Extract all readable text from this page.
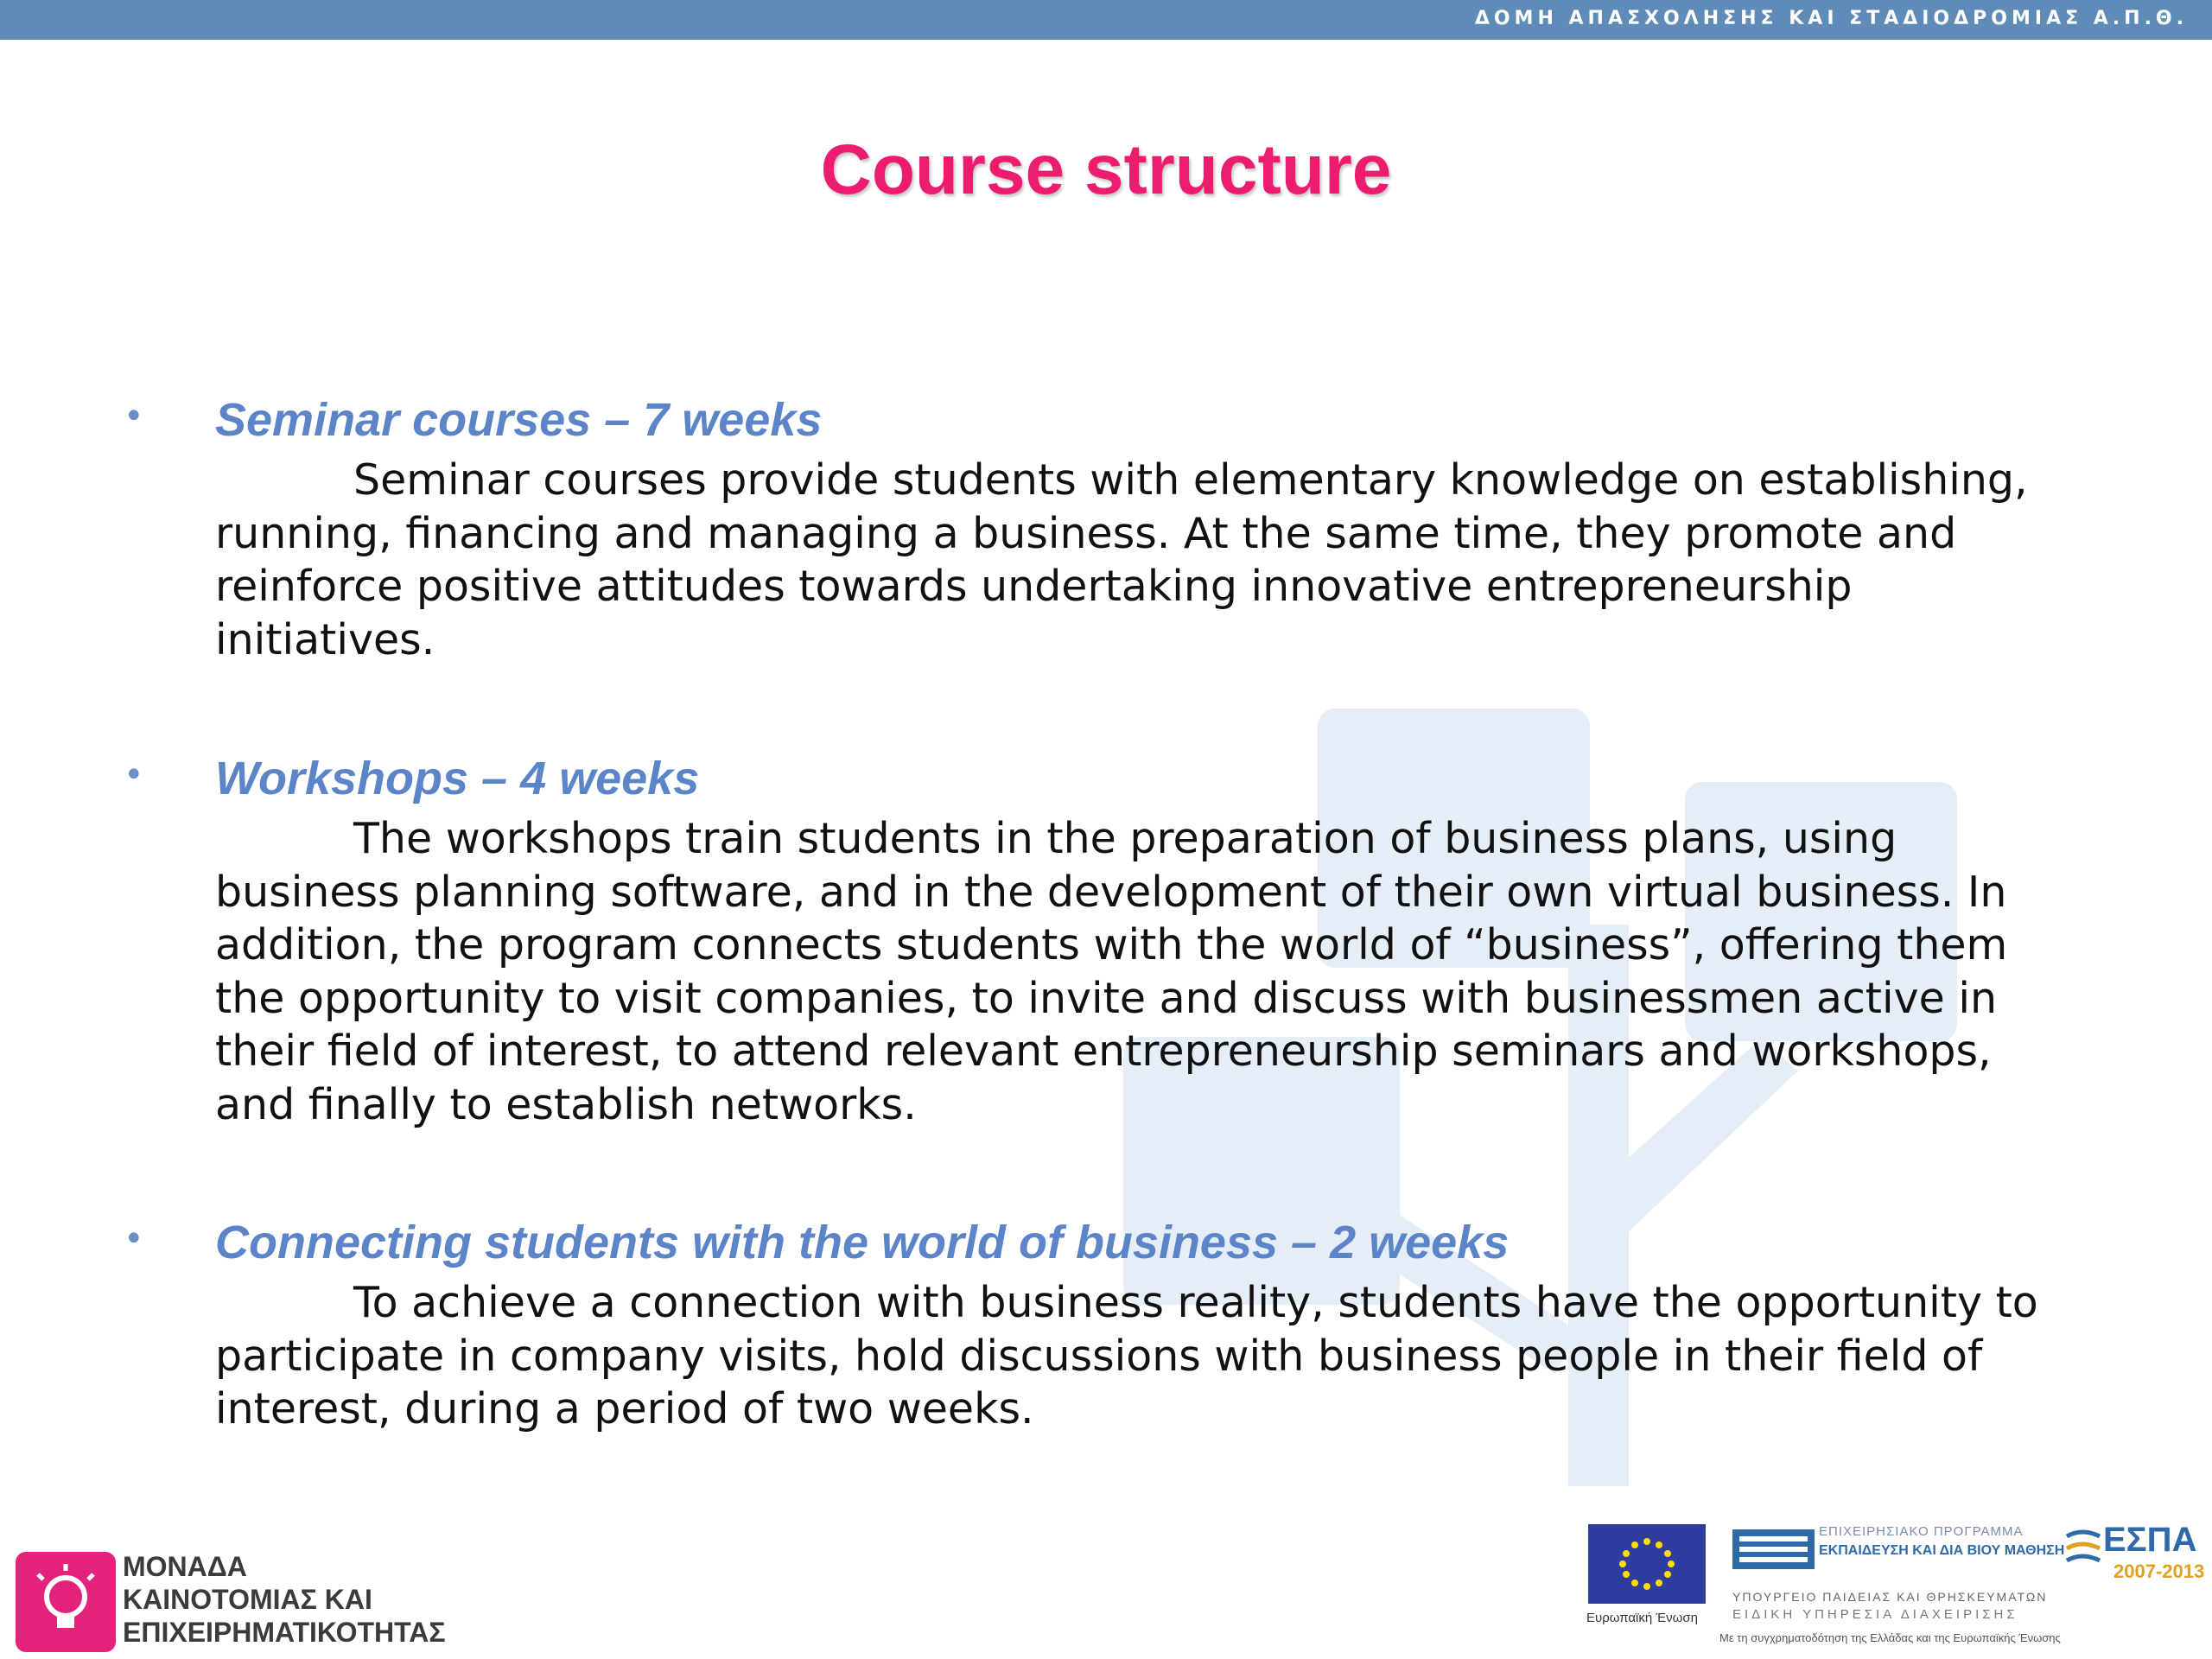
ΔΟΜΗ ΑΠΑΣΧΟΛΗΣΗΣ ΚΑΙ ΣΤΑΔΙΟΔΡΟΜΙΑΣ Α.Π.Θ.
Course structure
• Seminar courses – 7 weeks
Seminar courses provide students with elementary knowledge on establishing, running, financing and managing a business. At the same time, they promote and reinforce positive attitudes towards undertaking innovative entrepreneurship initiatives.
• Workshops – 4 weeks
The workshops train students in the preparation of business plans, using business planning software, and in the development of their own virtual business. In addition, the program connects students with the world of “business”, offering them the opportunity to visit companies, to invite and discuss with businessmen active in their field of interest, to attend relevant entrepreneurship seminars and workshops, and finally to establish networks.
• Connecting students with the world of business – 2 weeks
To achieve a connection with business reality, students have the opportunity to participate in company visits, hold discussions with business people in their field of interest, during a period of two weeks.
ΜΟΝΑΔΑ
ΚΑΙΝΟΤΟΜΙΑΣ ΚΑΙ
ΕΠΙΧΕΙΡΗΜΑΤΙΚΟΤΗΤΑΣ	Ευρωπαϊκή Ένωση
ΕΠΙΧΕΙΡΗΣΙΑΚΟ ΠΡΟΓΡΑΜΜΑ
ΕΚΠΑΙΔΕΥΣΗ ΚΑΙ ΔΙΑ ΒΙΟΥ ΜΑΘΗΣΗ
ΥΠΟΥΡΓΕΙΟ ΠΑΙΔΕΙΑΣ ΚΑΙ ΘΡΗΣΚΕΥΜΑΤΩΝ
ΕΙΔΙΚΗ ΥΠΗΡΕΣΙΑ ΔΙΑΧΕΙΡΙΣΗΣ
ΕΣΠΑ
2007-2013
Με τη συγχρηματοδότηση της Ελλάδας και της Ευρωπαϊκής Ένωσης
